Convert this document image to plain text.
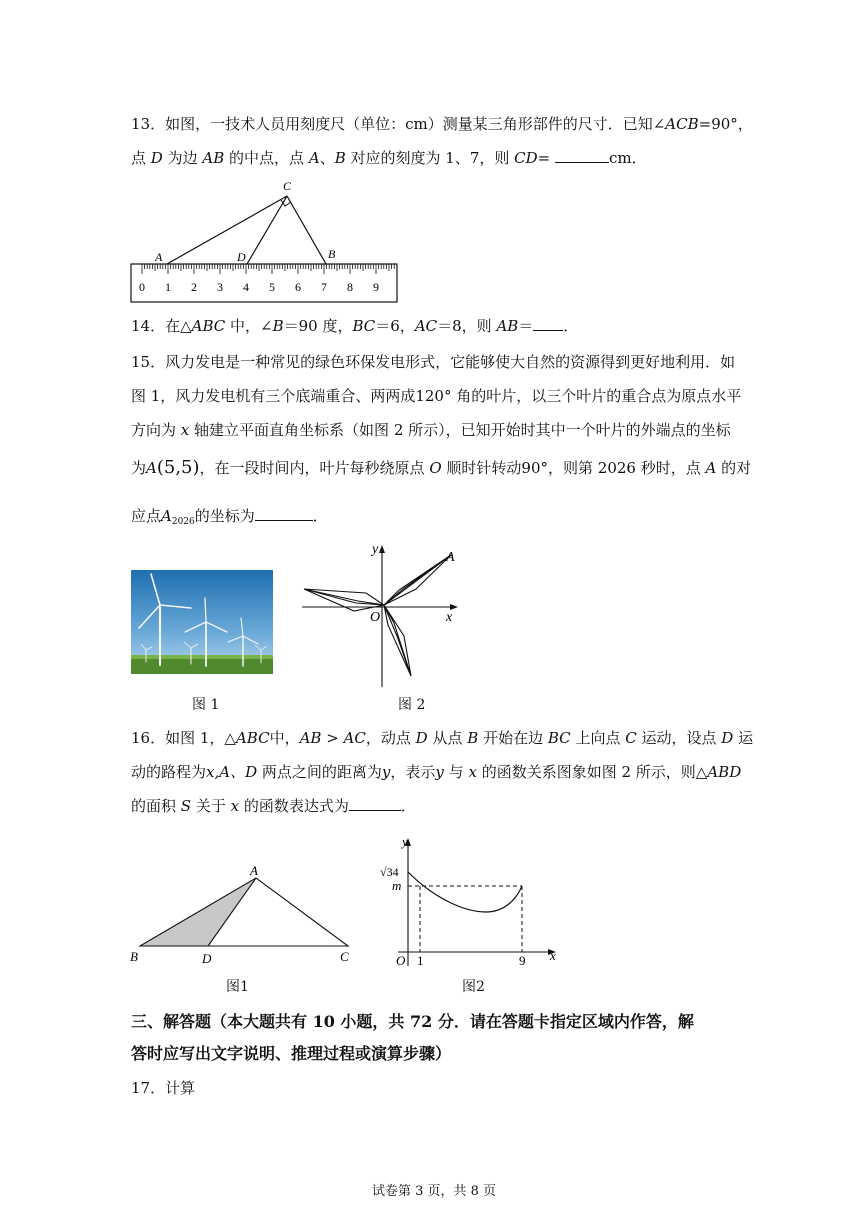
13．如图，一技术人员用刻度尺（单位：cm）测量某三角形部件的尺寸．已知∠ACB=90°，
点 D 为边 AB 的中点，点 A、B 对应的刻度为 1、7，则 CD=	cm．
C
A	D	B
0 1 2 3 4 5 6 7 8 9
14．在△ABC 中，∠B＝90 度，BC＝6，AC＝8，则 AB＝ ．
15．风力发电是一种常见的绿色环保发电形式，它能够使大自然的资源得到更好地利用．如
图 1，风力发电机有三个底端重合、两两成120° 角的叶片，以三个叶片的重合点为原点水平
方向为 x 轴建立平面直角坐标系（如图 2 所示），已知开始时其中一个叶片的外端点的坐标
为A(5,5)，在一段时间内，叶片每秒绕原点 O 顺时针转动90°，则第 2026 秒时，点 A 的对
应点$A_{2026}$的坐标为	．
图 1
y
A
x
O
图 2
16．如图 1，△ABC中，AB > AC，动点 D 从点 B 开始在边 BC 上向点 C 运动，设点 D 运
动的路程为x,A、D 两点之间的距离为y，表示y 与 x 的函数关系图象如图 2 所示，则△ABD
的面积 S 关于 x 的函数表达式为	．
A
B	D	C
图1
y
√34
m
O 1	9 x
图2
三、解答题（本大题共有 10 小题，共 72 分．请在答题卡指定区域内作答，解
答时应写出文字说明、推理过程或演算步骤）
17．计算
试卷第 3 页，共 8 页
